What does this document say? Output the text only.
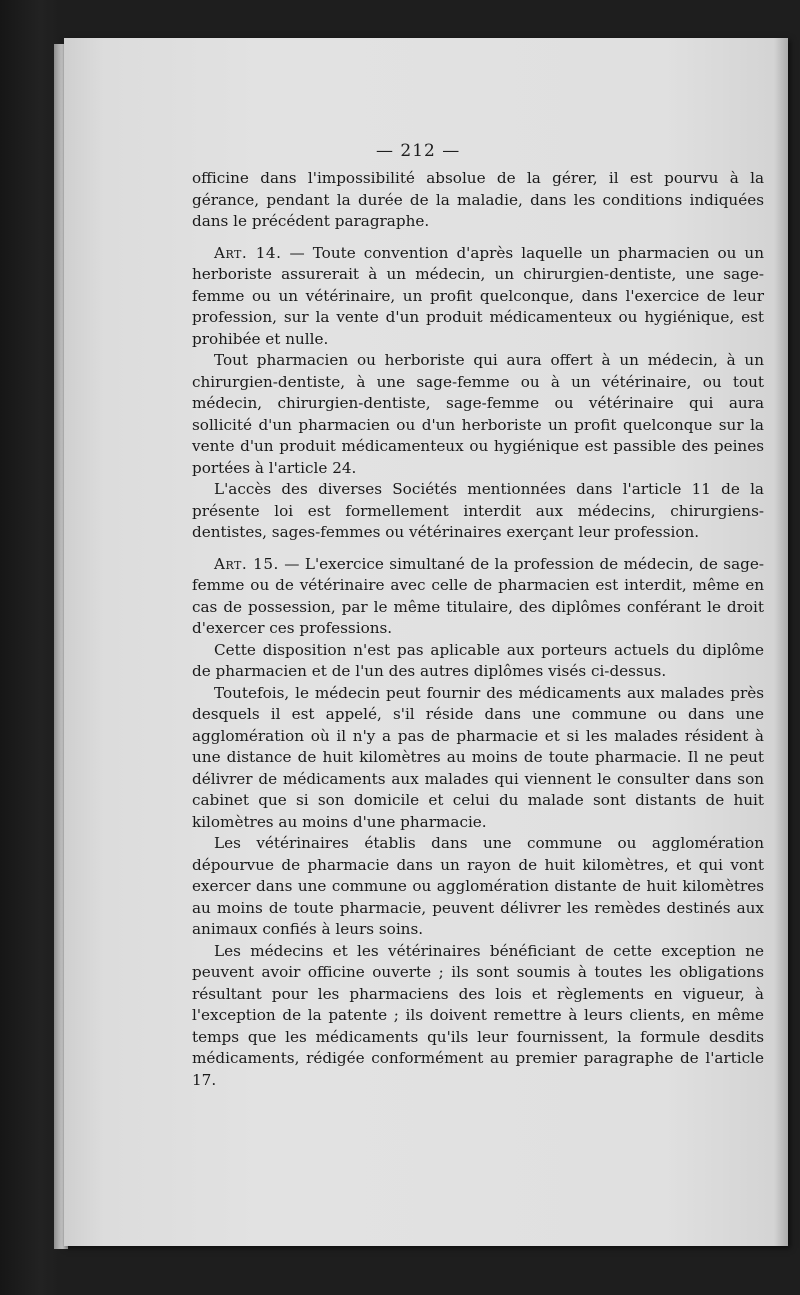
— 212 —

officine dans l'impossibilité absolue de la gérer, il est pourvu à la gérance, pendant la durée de la maladie, dans les conditions indiquées dans le précédent paragraphe.

Art. 14. — Toute convention d'après laquelle un pharmacien ou un herboriste assurerait à un médecin, un chirurgien-dentiste, une sage-femme ou un vétérinaire, un profit quelconque, dans l'exercice de leur profession, sur la vente d'un produit médicamenteux ou hygiénique, est prohibée et nulle.

Tout pharmacien ou herboriste qui aura offert à un médecin, à un chirurgien-dentiste, à une sage-femme ou à un vétérinaire, ou tout médecin, chirurgien-dentiste, sage-femme ou vétérinaire qui aura sollicité d'un pharmacien ou d'un herboriste un profit quelconque sur la vente d'un produit médicamenteux ou hygiénique est passible des peines portées à l'article 24.

L'accès des diverses Sociétés mentionnées dans l'article 11 de la présente loi est formellement interdit aux médecins, chirurgiens-dentistes, sages-femmes ou vétérinaires exerçant leur profession.

Art. 15. — L'exercice simultané de la profession de médecin, de sage-femme ou de vétérinaire avec celle de pharmacien est interdit, même en cas de possession, par le même titulaire, des diplômes conférant le droit d'exercer ces professions.

Cette disposition n'est pas aplicable aux porteurs actuels du diplôme de pharmacien et de l'un des autres diplômes visés ci-dessus.

Toutefois, le médecin peut fournir des médicaments aux malades près desquels il est appelé, s'il réside dans une commune ou dans une agglomération où il n'y a pas de pharmacie et si les malades résident à une distance de huit kilomètres au moins de toute pharmacie. Il ne peut délivrer de médicaments aux malades qui viennent le consulter dans son cabinet que si son domicile et celui du malade sont distants de huit kilomètres au moins d'une pharmacie.

Les vétérinaires établis dans une commune ou agglomération dépourvue de pharmacie dans un rayon de huit kilomètres, et qui vont exercer dans une commune ou agglomération distante de huit kilomètres au moins de toute pharmacie, peuvent délivrer les remèdes destinés aux animaux confiés à leurs soins.

Les médecins et les vétérinaires bénéficiant de cette exception ne peuvent avoir officine ouverte ; ils sont soumis à toutes les obligations résultant pour les pharmaciens des lois et règlements en vigueur, à l'exception de la patente ; ils doivent remettre à leurs clients, en même temps que les médicaments qu'ils leur fournissent, la formule desdits médicaments, rédigée conformément au premier paragraphe de l'article 17.
